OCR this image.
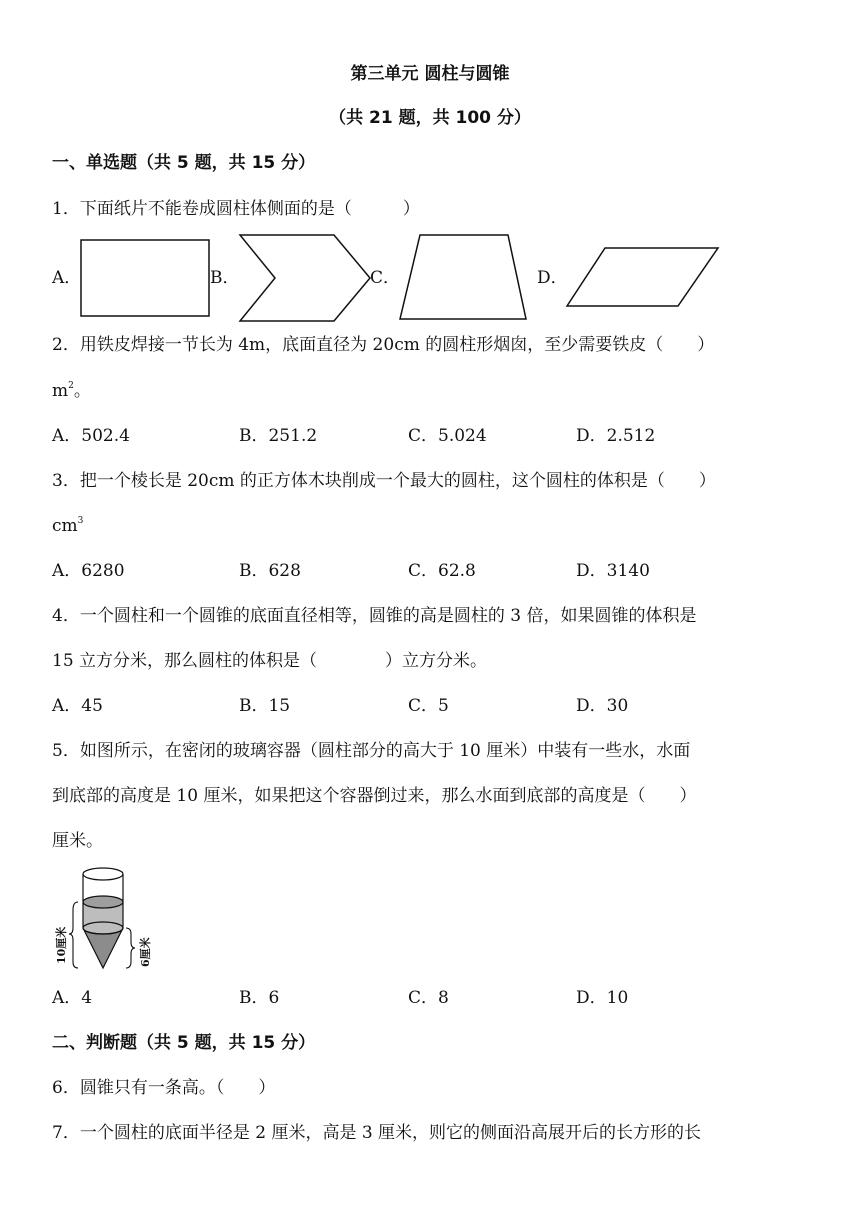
第三单元 圆柱与圆锥
（共 21 题，共 100 分）
一、单选题（共 5 题，共 15 分）
1．下面纸片不能卷成圆柱体侧面的是（　　　）
A．	B．	C．	D．
2．用铁皮焊接一节长为 4m，底面直径为 20cm 的圆柱形烟囱，至少需要铁皮（　　）
$m^2$。
A．502.4	B．251.2	C．5.024	D．2.512
3．把一个棱长是 20cm 的正方体木块削成一个最大的圆柱，这个圆柱的体积是（　　）
$cm^3$
A．6280	B．628	C．62.8	D．3140
4．一个圆柱和一个圆锥的底面直径相等，圆锥的高是圆柱的 3 倍，如果圆锥的体积是
15 立方分米，那么圆柱的体积是（　　　　）立方分米。
A．45	B．15	C．5	D．30
5．如图所示，在密闭的玻璃容器（圆柱部分的高大于 10 厘米）中装有一些水，水面
到底部的高度是 10 厘米，如果把这个容器倒过来，那么水面到底部的高度是（　　）
厘米。
10厘米	6厘米
A．4	B．6	C．8	D．10
二、判断题（共 5 题，共 15 分）
6．圆锥只有一条高。（　　）
7．一个圆柱的底面半径是 2 厘米，高是 3 厘米，则它的侧面沿高展开后的长方形的长
